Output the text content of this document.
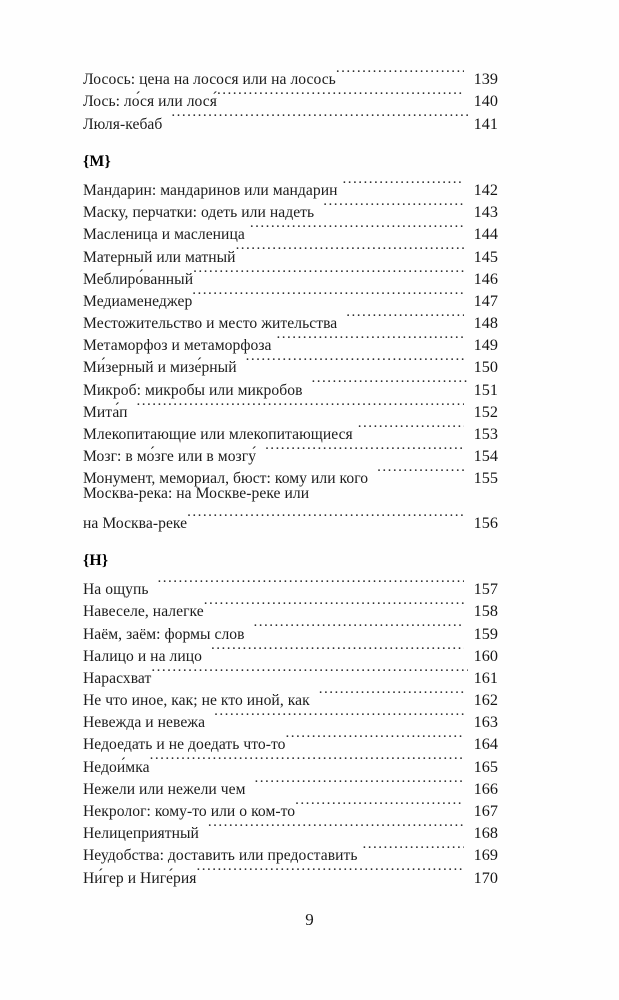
Лосось: цена на лосося или на лосось .....	139
Лось: ло́ся или лося́ .....	140
Люля-кебаб .....	141
{М}
Мандарин: мандаринов или мандарин .....	142
Маску, перчатки: одеть или надеть .....	143
Масленица и масленица .....	144
Матерный или матный .....	145
Меблиро́ванный .....	146
Медиаменеджер .....	147
Местожительство и место жительства .....	148
Метаморфоз и метаморфоза .....	149
Ми́зерный и мизе́рный .....	150
Микроб: микробы или микробов .....	151
Мита́п .....	152
Млекопитающие или млекопитающиеся .....	153
Мозг: в мо́зге или в мозгу́ .....	154
Монумент, мемориал, бюст: кому или кого .....	155
Москва-река: на Москве-реке или
на Москва-реке .....	156
{Н}
На ощупь .....	157
Навеселе, налегке .....	158
Наём, заём: формы слов .....	159
Налицо и на лицо .....	160
Нарасхват .....	161
Не что иное, как; не кто иной, как .....	162
Невежда и невежа .....	163
Недоедать и не доедать что-то .....	164
Недои́мка .....	165
Нежели или нежели чем .....	166
Некролог: кому-то или о ком-то .....	167
Нелицеприятный .....	168
Неудобства: доставить или предоставить .....	169
Ни́гер и Ниге́рия .....	170
9
